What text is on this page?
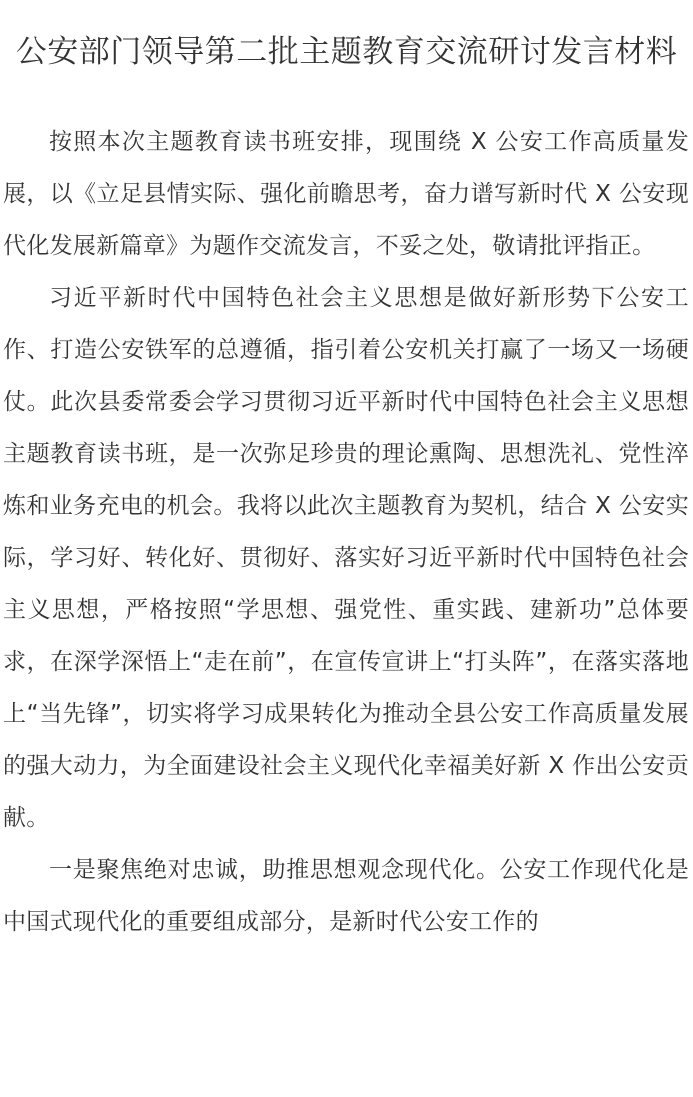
公安部门领导第二批主题教育交流研讨发言材料

按照本次主题教育读书班安排，现围绕 X 公安工作高质量发展，以《立足县情实际、强化前瞻思考，奋力谱写新时代 X 公安现代化发展新篇章》为题作交流发言，不妥之处，敬请批评指正。

习近平新时代中国特色社会主义思想是做好新形势下公安工作、打造公安铁军的总遵循，指引着公安机关打赢了一场又一场硬仗。此次县委常委会学习贯彻习近平新时代中国特色社会主义思想主题教育读书班，是一次弥足珍贵的理论熏陶、思想洗礼、党性淬炼和业务充电的机会。我将以此次主题教育为契机，结合 X 公安实际，学习好、转化好、贯彻好、落实好习近平新时代中国特色社会主义思想，严格按照“学思想、强党性、重实践、建新功”总体要求，在深学深悟上“走在前”，在宣传宣讲上“打头阵”，在落实落地上“当先锋”，切实将学习成果转化为推动全县公安工作高质量发展的强大动力，为全面建设社会主义现代化幸福美好新 X 作出公安贡献。

一是聚焦绝对忠诚，助推思想观念现代化。公安工作现代化是中国式现代化的重要组成部分，是新时代公安工作的
